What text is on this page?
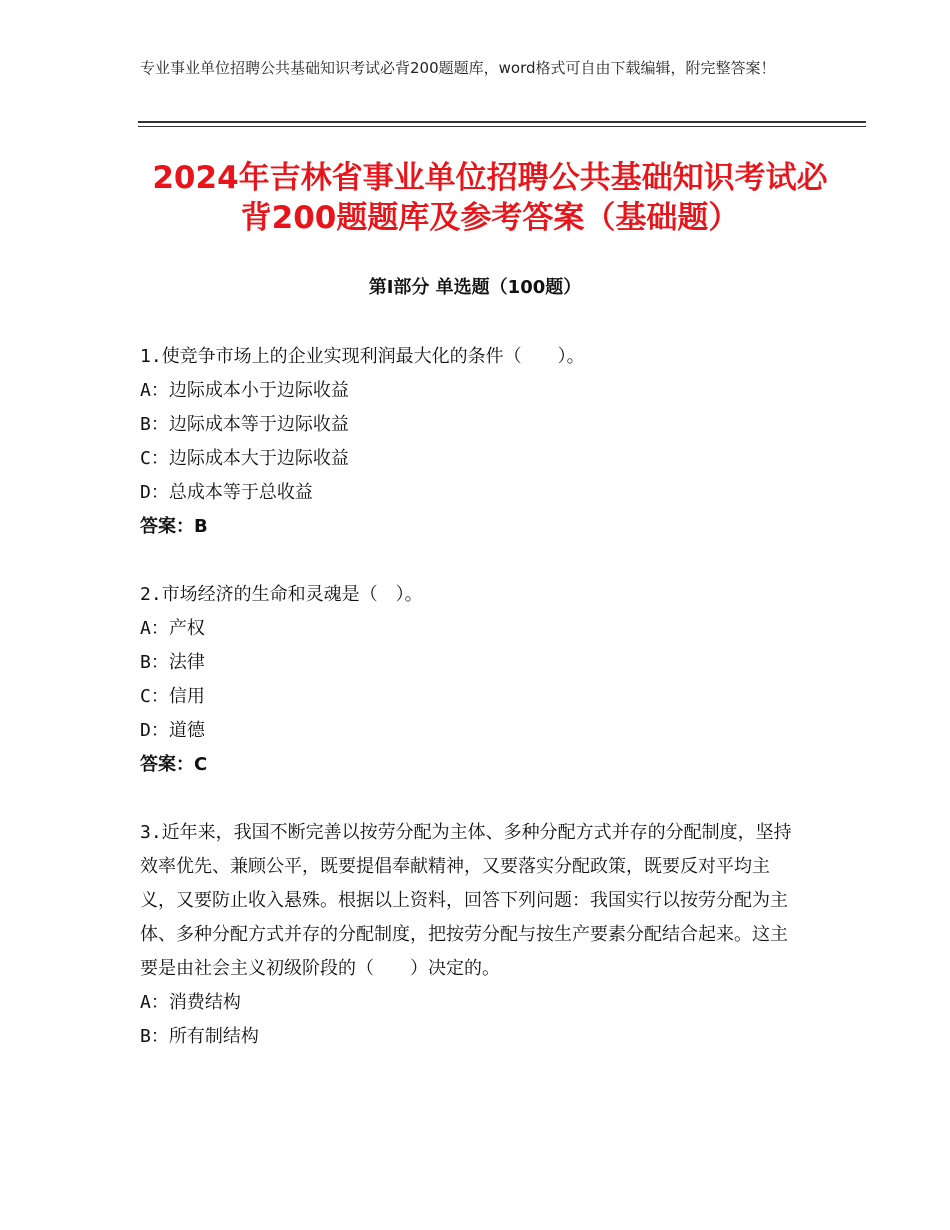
专业事业单位招聘公共基础知识考试必背200题题库，word格式可自由下载编辑，附完整答案！
2024年吉林省事业单位招聘公共基础知识考试必背200题题库及参考答案（基础题）
第Ⅰ部分 单选题（100题）

1.使竞争市场上的企业实现利润最大化的条件（　　）。

A：边际成本小于边际收益

B：边际成本等于边际收益

C：边际成本大于边际收益

D：总成本等于总收益

答案：B

2.市场经济的生命和灵魂是（　）。

A：产权

B：法律

C：信用

D：道德

答案：C

3.近年来，我国不断完善以按劳分配为主体、多种分配方式并存的分配制度，坚持效率优先、兼顾公平，既要提倡奉献精神，又要落实分配政策，既要反对平均主义，又要防止收入悬殊。根据以上资料，回答下列问题：我国实行以按劳分配为主体、多种分配方式并存的分配制度，把按劳分配与按生产要素分配结合起来。这主要是由社会主义初级阶段的（　　）决定的。

A：消费结构

B：所有制结构
